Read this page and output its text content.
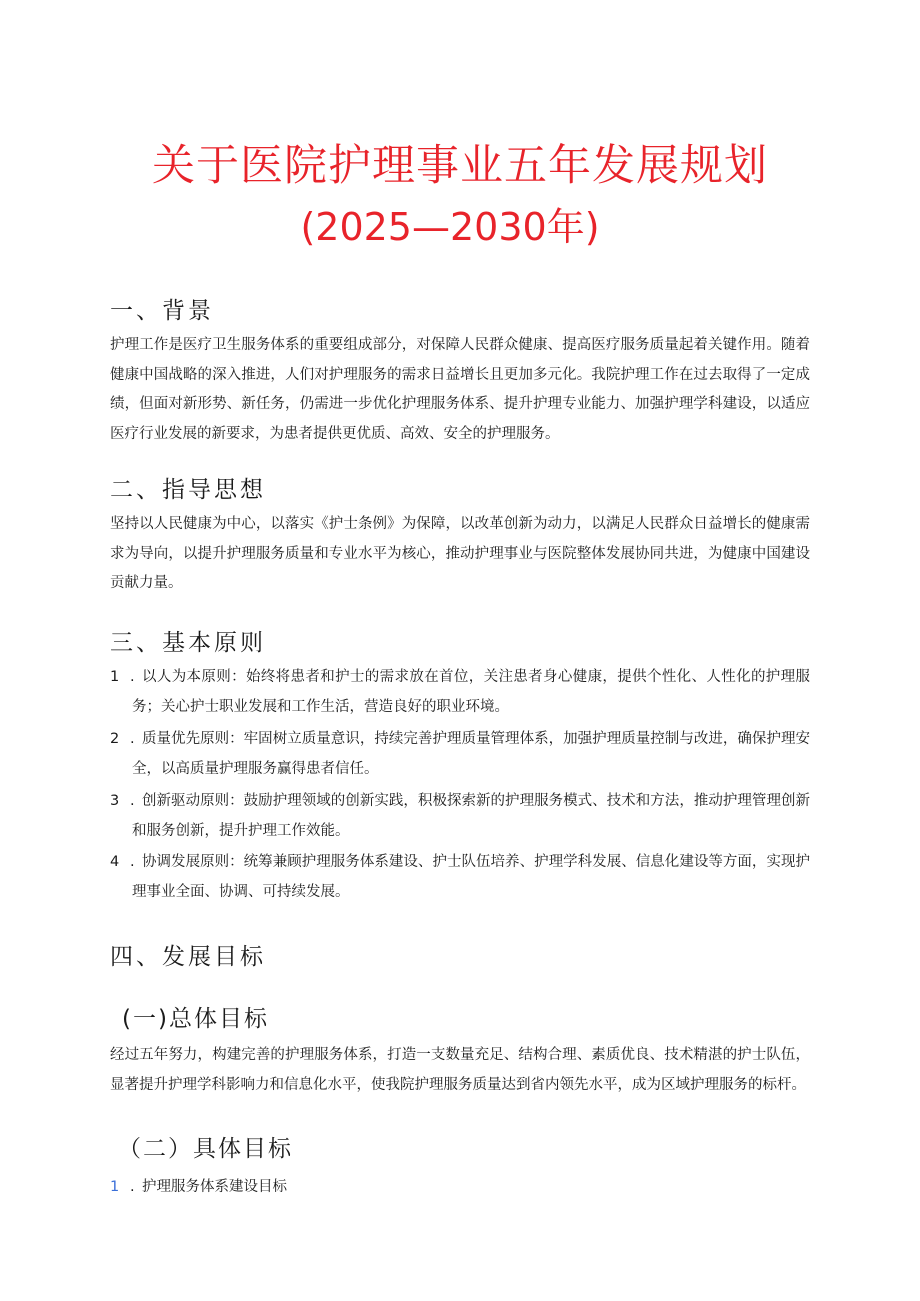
关于医院护理事业五年发展规划
(2025—2030年)
一、背景
护理工作是医疗卫生服务体系的重要组成部分，对保障人民群众健康、提高医疗服务质量起着关键作用。随着健康中国战略的深入推进，人们对护理服务的需求日益增长且更加多元化。我院护理工作在过去取得了一定成绩，但面对新形势、新任务，仍需进一步优化护理服务体系、提升护理专业能力、加强护理学科建设，以适应医疗行业发展的新要求，为患者提供更优质、高效、安全的护理服务。
二、指导思想
坚持以人民健康为中心，以落实《护士条例》为保障，以改革创新为动力，以满足人民群众日益增长的健康需求为导向，以提升护理服务质量和专业水平为核心，推动护理事业与医院整体发展协同共进，为健康中国建设贡献力量。
三、基本原则
1 . 以人为本原则：始终将患者和护士的需求放在首位，关注患者身心健康，提供个性化、人性化的护理服务；关心护士职业发展和工作生活，营造良好的职业环境。
2 . 质量优先原则：牢固树立质量意识，持续完善护理质量管理体系，加强护理质量控制与改进，确保护理安全，以高质量护理服务赢得患者信任。
3 . 创新驱动原则：鼓励护理领域的创新实践，积极探索新的护理服务模式、技术和方法，推动护理管理创新和服务创新，提升护理工作效能。
4 . 协调发展原则：统筹兼顾护理服务体系建设、护士队伍培养、护理学科发展、信息化建设等方面，实现护理事业全面、协调、可持续发展。
四、发展目标
(一)总体目标
经过五年努力，构建完善的护理服务体系，打造一支数量充足、结构合理、素质优良、技术精湛的护士队伍，显著提升护理学科影响力和信息化水平，使我院护理服务质量达到省内领先水平，成为区域护理服务的标杆。
（二）具体目标
1 . 护理服务体系建设目标
